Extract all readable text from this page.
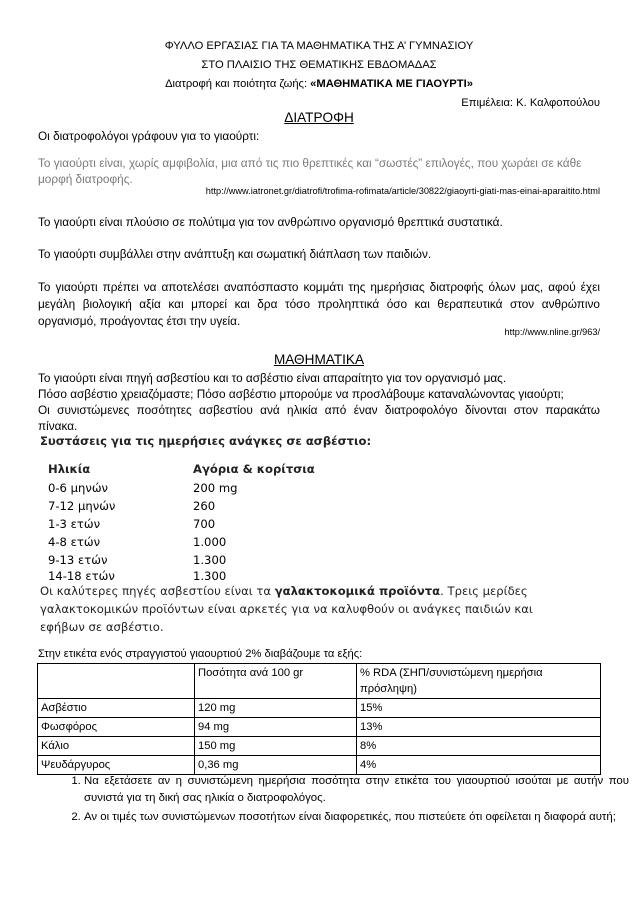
ΦΥΛΛΟ ΕΡΓΑΣΙΑΣ ΓΙΑ ΤΑ ΜΑΘΗΜΑΤΙΚΑ ΤΗΣ Α’ ΓΥΜΝΑΣΙΟΥ
ΣΤΟ ΠΛΑΙΣΙΟ ΤΗΣ ΘΕΜΑΤΙΚΗΣ ΕΒΔΟΜΑΔΑΣ
Διατροφή και ποιότητα ζωής: «ΜΑΘΗΜΑΤΙΚΑ ΜΕ ΓΙΑΟΥΡΤΙ»
Επιμέλεια: Κ. Καλφοπούλου
ΔΙΑΤΡΟΦΗ
Οι διατροφολόγοι γράφουν για το γιαούρτι:
Το γιαούρτι είναι, χωρίς αμφιβολία, μια από τις πιο θρεπτικές και “σωστές” επιλογές, που χωράει σε κάθε
μορφή διατροφής.
http://www.iatronet.gr/diatrofi/trofima-rofimata/article/30822/giaoyrti-giati-mas-einai-aparaitito.html
Το γιαούρτι είναι πλούσιο σε πολύτιμα για τον ανθρώπινο οργανισμό θρεπτικά συστατικά.
Το γιαούρτι συμβάλλει στην ανάπτυξη και σωματική διάπλαση των παιδιών.
Το γιαούρτι πρέπει να αποτελέσει αναπόσπαστο κομμάτι της ημερήσιας διατροφής όλων μας, αφού έχει
μεγάλη βιολογική αξία και μπορεί και δρα τόσο προληπτικά όσο και θεραπευτικά στον ανθρώπινο
οργανισμό, προάγοντας έτσι την υγεία.
http://www.nline.gr/963/
ΜΑΘΗΜΑΤΙΚΑ
Το γιαούρτι είναι πηγή ασβεστίου και το ασβέστιο είναι απαραίτητο για τον οργανισμό μας.
Πόσο ασβέστιο χρειαζόμαστε; Πόσο ασβέστιο μπορούμε να προσλάβουμε καταναλώνοντας γιαούρτι;
Οι συνιστώμενες ποσότητες ασβεστίου ανά ηλικία από έναν διατροφολόγο δίνονται στον παρακάτω
πίνακα.
Συστάσεις για τις ημερήσιες ανάγκες σε ασβέστιο:
Ηλικία	Αγόρια & κορίτσια
0-6 μηνών	200 mg
7-12 μηνών	260
1-3 ετών	700
4-8 ετών	1.000
9-13 ετών	1.300
14-18 ετών	1.300
Οι καλύτερες πηγές ασβεστίου είναι τα γαλακτοκομικά προϊόντα. Τρεις μερίδες
γαλακτοκομικών προϊόντων είναι αρκετές για να καλυφθούν οι ανάγκες παιδιών και
εφήβων σε ασβέστιο.
Στην ετικέτα ενός στραγγιστού γιαουρτιού 2% διαβάζουμε τα εξής:
	Ποσότητα ανά 100 gr	% RDA (ΣΗΠ/συνιστώμενη ημερήσια πρόσληψη)
Ασβέστιο	120 mg	15%
Φωσφόρος	94 mg	13%
Κάλιο	150 mg	8%
Ψευδάργυρος	0,36 mg	4%
1. Να εξετάσετε αν η συνιστώμενη ημερήσια ποσότητα στην ετικέτα του γιαουρτιού ισούται με αυτήν που συνιστά για τη δική σας ηλικία ο διατροφολόγος.
2. Αν οι τιμές των συνιστώμενων ποσοτήτων είναι διαφορετικές, που πιστεύετε ότι οφείλεται η διαφορά αυτή;
